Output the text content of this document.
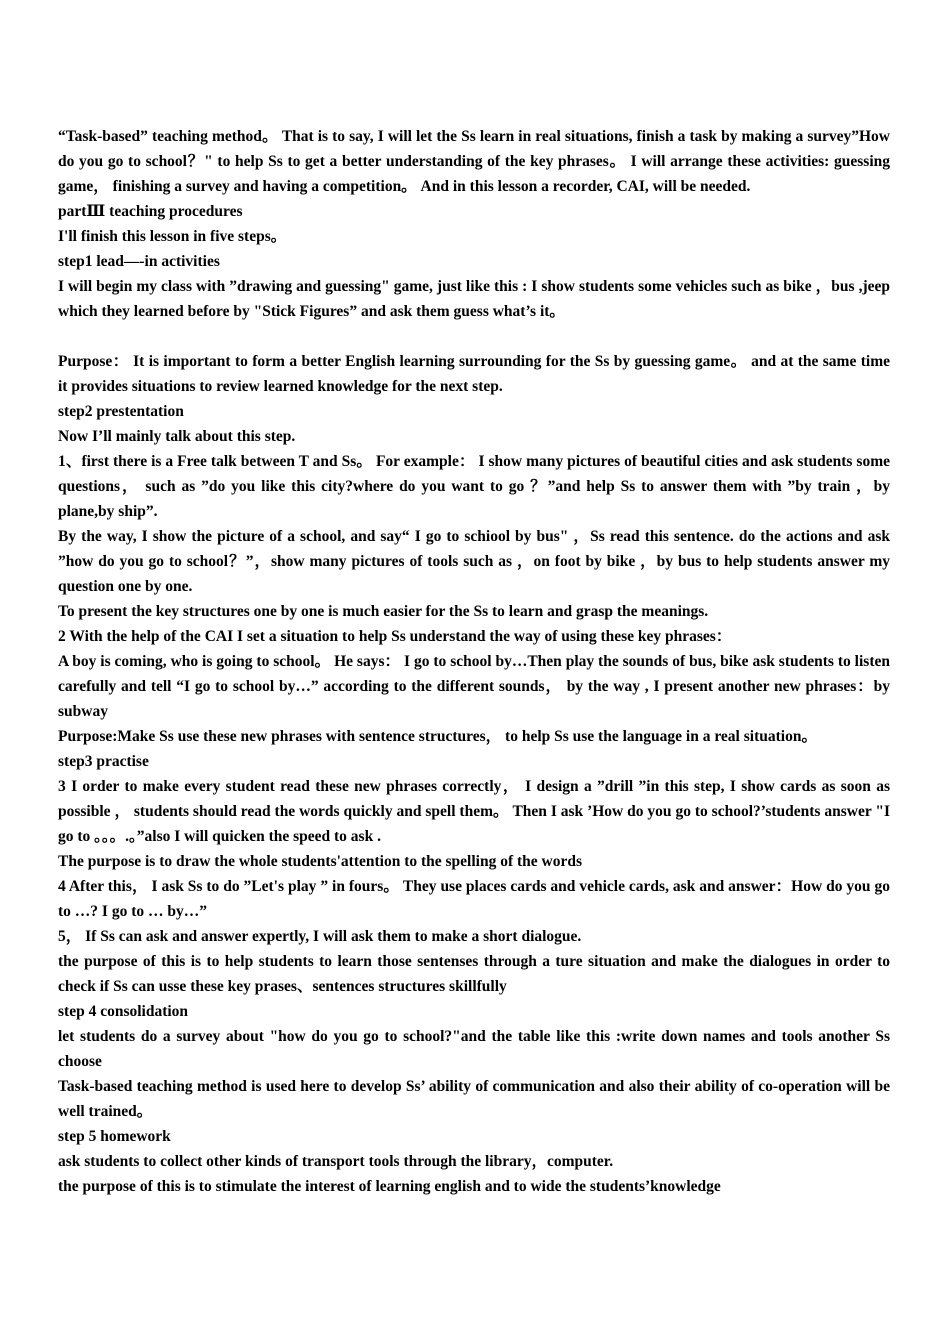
“Task-based” teaching method。 That is to say, I will let the Ss learn in real situations, finish a task by making a survey”How do you go to school？" to help Ss to get a better understanding of the key phrases。 I will arrange these activities: guessing game， finishing a survey and having a competition。 And in this lesson a recorder, CAI, will be needed.

partⅢ teaching procedures

I'll finish this lesson in five steps。

step1 lead—-in activities

I will begin my class with ”drawing and guessing" game, just like this : I show students some vehicles such as bike ，bus ,jeep which they learned before by "Stick Figures” and ask them guess what’s it。

Purpose： It is important to form a better English learning surrounding for the Ss by guessing game。 and at the same time it provides situations to review learned knowledge for the next step.

step2 prestentation

Now I’ll mainly talk about this step.

1、first there is a Free talk between T and Ss。 For example： I show many pictures of beautiful cities and ask students some questions， such as ”do you like this city?where do you want to go ？”and help Ss to answer them with ”by train ，by plane,by ship”.

By the way, I show the picture of a school, and say“ I go to schiool by bus" ，Ss read this sentence. do the actions and ask ”how do you go to school？”，show many pictures of tools such as ，on foot by bike ，by bus to help students answer my question one by one.

To present the key structures one by one is much easier for the Ss to learn and grasp the meanings.

2 With the help of the CAI I set a situation to help Ss understand the way of using these key phrases：

A boy is coming, who is going to school。 He says： I go to school by…Then play the sounds of bus, bike ask students to listen carefully and tell “I go to school by…” according to the different sounds， by the way , I present another new phrases：by subway

Purpose:Make Ss use these new phrases with sentence structures， to help Ss use the language in a real situation。

step3 practise

3 I order to make every student read these new phrases correctly， I design a ”drill ”in this step, I show cards as soon as possible ， students should read the words quickly and spell them。 Then I ask ’How do you go to school?’students answer "I go to 。。。.。”also I will quicken the speed to ask .

The purpose is to draw the whole students'attention to the spelling of the words

4 After this， I ask Ss to do ”Let's play ” in fours。 They use places cards and vehicle cards, ask and answer：How do you go to …? I go to … by…”

5， If Ss can ask and answer expertly, I will ask them to make a short dialogue.

the purpose of this is to help students to learn those sentenses through a ture situation and make the dialogues in order to check if Ss can usse these key prases、sentences structures skillfully

step 4 consolidation

let students do a survey about "how do you go to school?"and the table like this :write down names and tools another Ss choose

Task-based teaching method is used here to develop Ss’ ability of communication and also their ability of co-operation will be well trained。

step 5 homework

ask students to collect other kinds of transport tools through the library，computer.

the purpose of this is to stimulate the interest of learning english and to wide the students’knowledge
